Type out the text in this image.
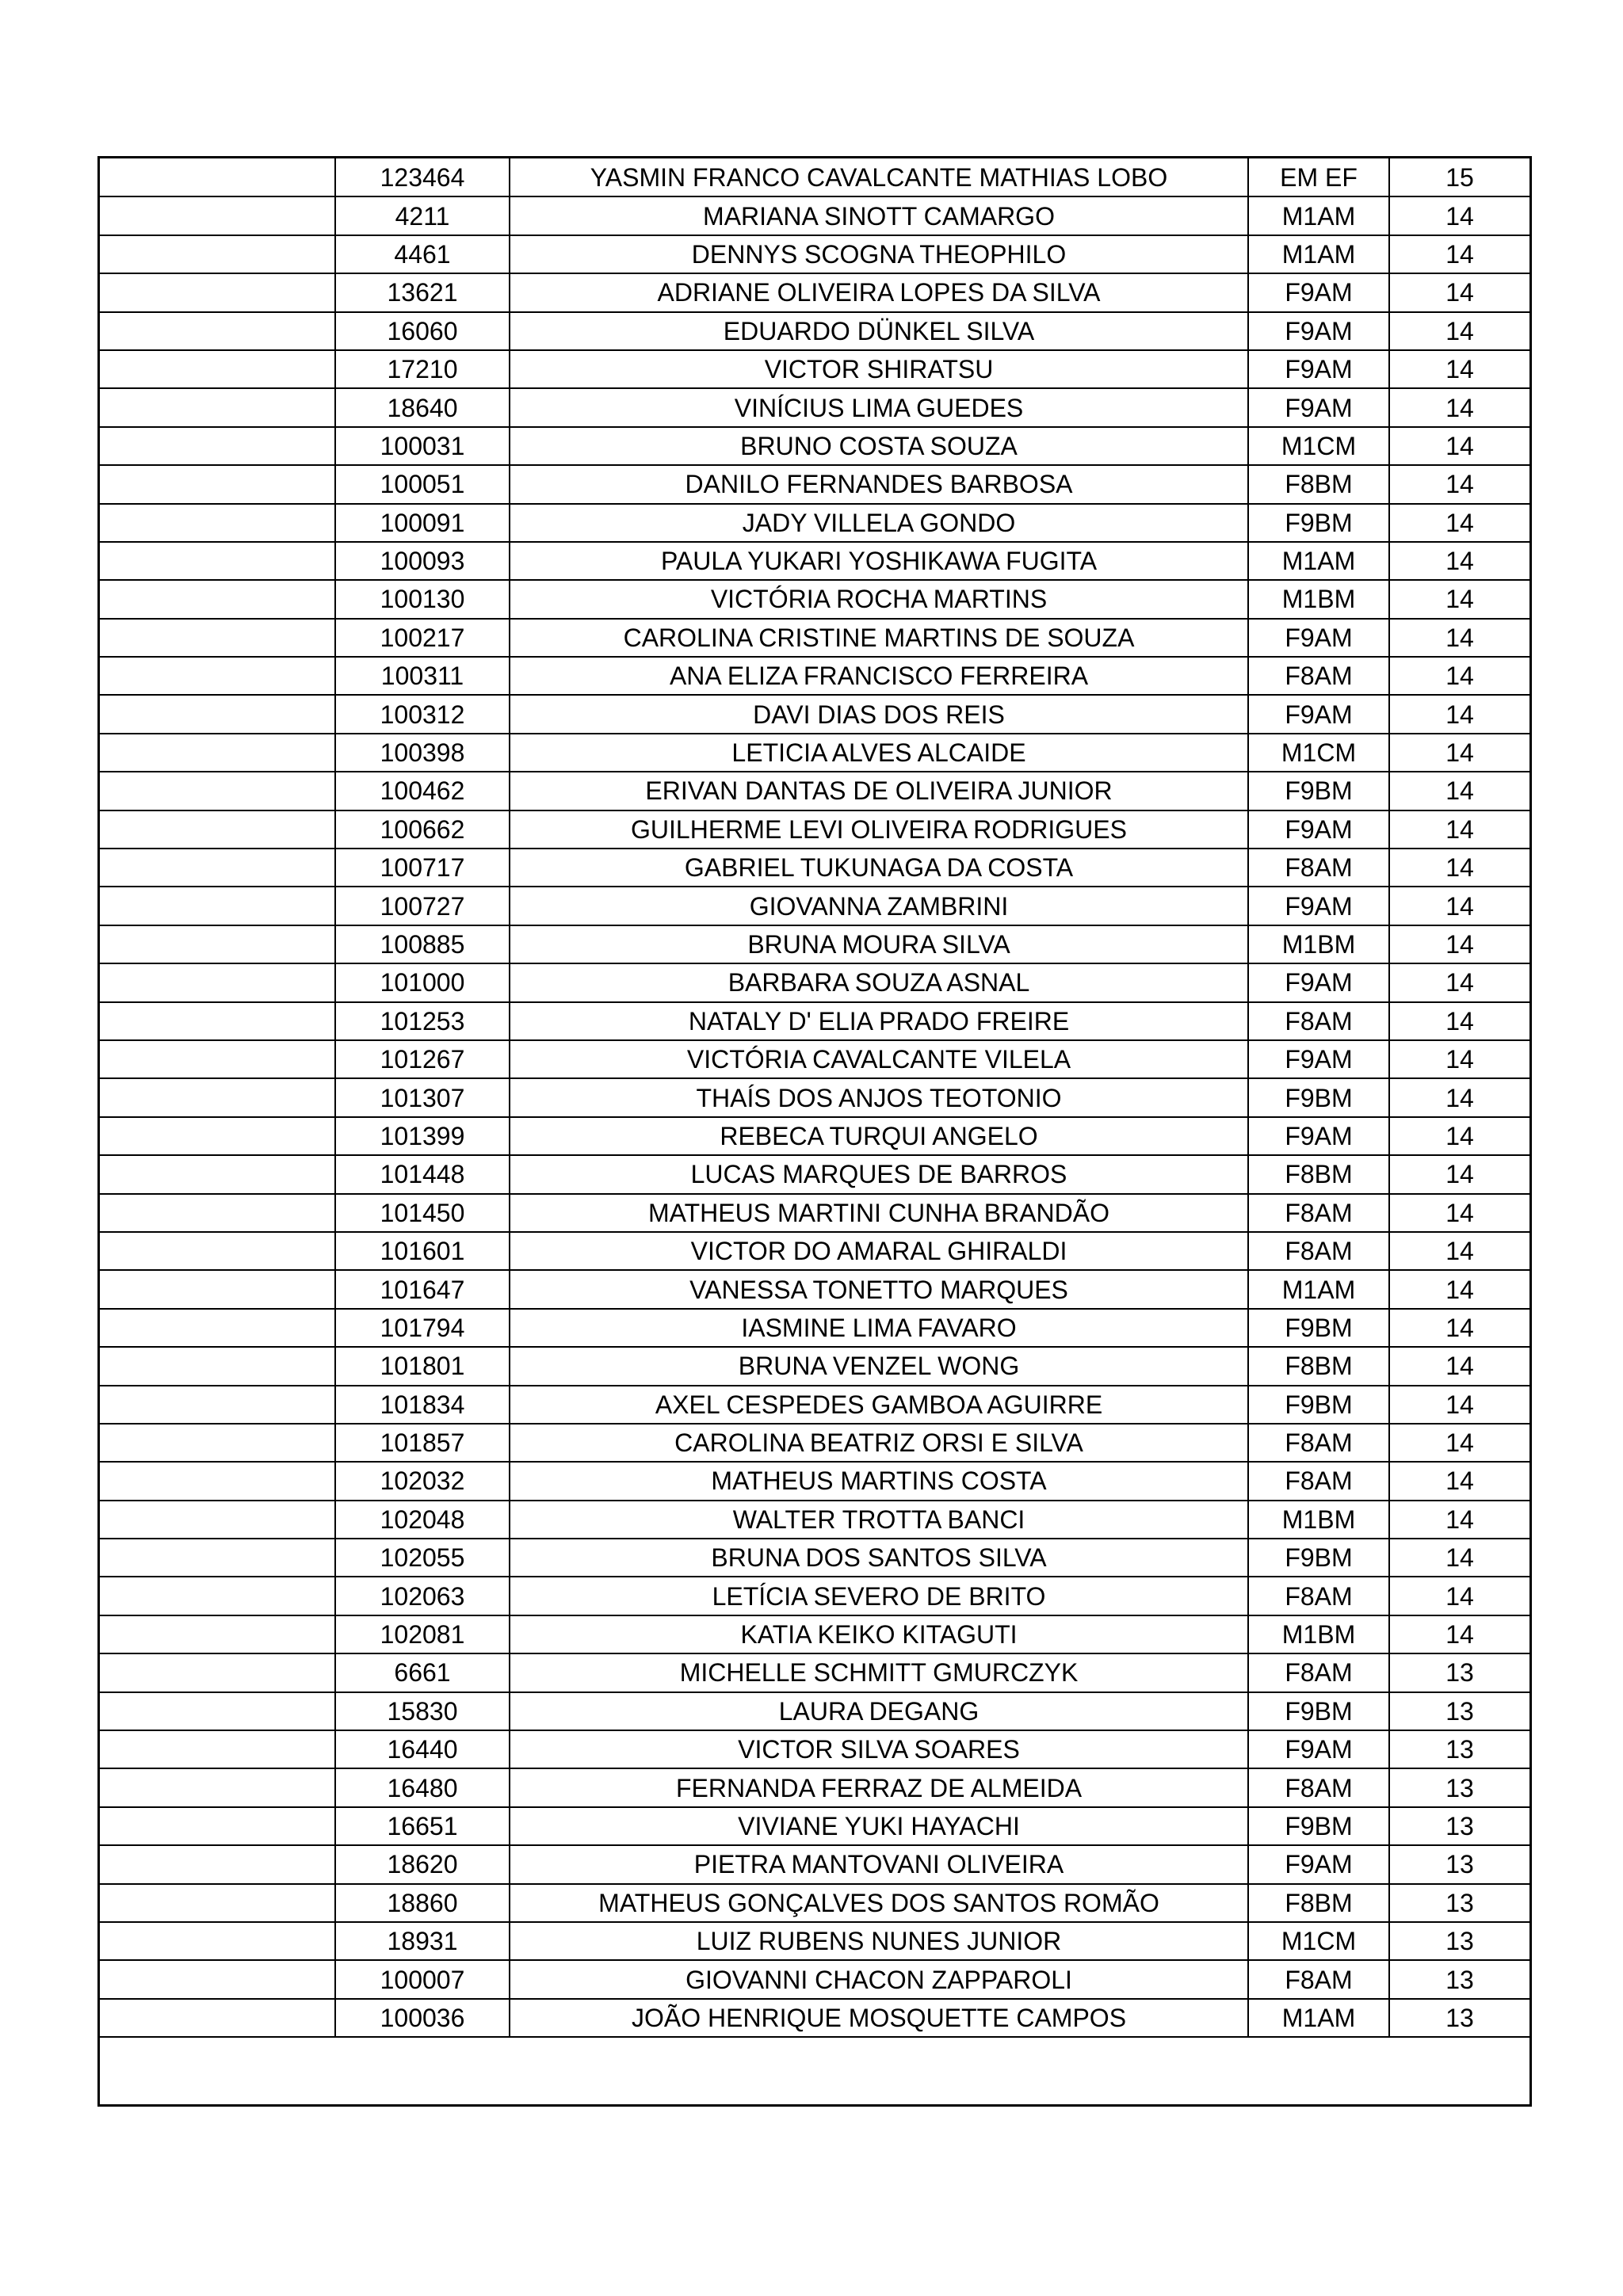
	123464	YASMIN FRANCO CAVALCANTE MATHIAS LOBO	EM EF	15
	4211	MARIANA SINOTT CAMARGO	M1AM	14
	4461	DENNYS SCOGNA THEOPHILO	M1AM	14
	13621	ADRIANE OLIVEIRA LOPES DA SILVA	F9AM	14
	16060	EDUARDO DÜNKEL SILVA	F9AM	14
	17210	VICTOR SHIRATSU	F9AM	14
	18640	VINÍCIUS LIMA GUEDES	F9AM	14
	100031	BRUNO COSTA SOUZA	M1CM	14
	100051	DANILO FERNANDES BARBOSA	F8BM	14
	100091	JADY VILLELA GONDO	F9BM	14
	100093	PAULA YUKARI YOSHIKAWA FUGITA	M1AM	14
	100130	VICTÓRIA ROCHA MARTINS	M1BM	14
	100217	CAROLINA CRISTINE MARTINS DE SOUZA	F9AM	14
	100311	ANA ELIZA FRANCISCO FERREIRA	F8AM	14
	100312	DAVI DIAS DOS REIS	F9AM	14
	100398	LETICIA ALVES ALCAIDE	M1CM	14
	100462	ERIVAN DANTAS DE OLIVEIRA JUNIOR	F9BM	14
	100662	GUILHERME LEVI OLIVEIRA RODRIGUES	F9AM	14
	100717	GABRIEL TUKUNAGA DA COSTA	F8AM	14
	100727	GIOVANNA ZAMBRINI	F9AM	14
	100885	BRUNA MOURA SILVA	M1BM	14
	101000	BARBARA SOUZA ASNAL	F9AM	14
	101253	NATALY D' ELIA PRADO FREIRE	F8AM	14
	101267	VICTÓRIA CAVALCANTE VILELA	F9AM	14
	101307	THAÍS DOS ANJOS TEOTONIO	F9BM	14
	101399	REBECA TURQUI ANGELO	F9AM	14
	101448	LUCAS MARQUES DE BARROS	F8BM	14
	101450	MATHEUS MARTINI CUNHA BRANDÃO	F8AM	14
	101601	VICTOR DO AMARAL GHIRALDI	F8AM	14
	101647	VANESSA TONETTO MARQUES	M1AM	14
	101794	IASMINE LIMA FAVARO	F9BM	14
	101801	BRUNA VENZEL WONG	F8BM	14
	101834	AXEL CESPEDES GAMBOA AGUIRRE	F9BM	14
	101857	CAROLINA BEATRIZ ORSI E SILVA	F8AM	14
	102032	MATHEUS MARTINS COSTA	F8AM	14
	102048	WALTER TROTTA BANCI	M1BM	14
	102055	BRUNA DOS SANTOS SILVA	F9BM	14
	102063	LETÍCIA SEVERO DE BRITO	F8AM	14
	102081	KATIA KEIKO KITAGUTI	M1BM	14
	6661	MICHELLE SCHMITT GMURCZYK	F8AM	13
	15830	LAURA DEGANG	F9BM	13
	16440	VICTOR SILVA SOARES	F9AM	13
	16480	FERNANDA FERRAZ DE ALMEIDA	F8AM	13
	16651	VIVIANE YUKI HAYACHI	F9BM	13
	18620	PIETRA MANTOVANI OLIVEIRA	F9AM	13
	18860	MATHEUS GONÇALVES DOS SANTOS ROMÃO	F8BM	13
	18931	LUIZ RUBENS NUNES JUNIOR	M1CM	13
	100007	GIOVANNI CHACON ZAPPAROLI	F8AM	13
	100036	JOÃO HENRIQUE MOSQUETTE CAMPOS	M1AM	13
